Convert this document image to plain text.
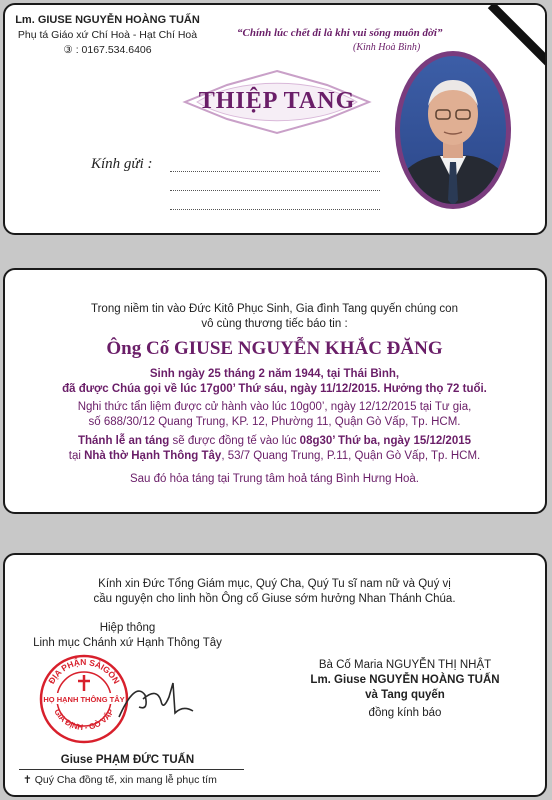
Lm. GIUSE NGUYỄN HOÀNG TUẤN
Phụ tá Giáo xứ Chí Hoà - Hạt Chí Hoà
③ : 0167.534.6406
“Chính lúc chết đi là khi vui sống muôn đời”
(Kinh Hoà Bình)
THIỆP TANG
Kính gửi :
Trong niềm tin vào Đức Kitô Phục Sinh, Gia đình Tang quyến chúng con
vô cùng thương tiếc báo tin :
Ông Cố GIUSE NGUYỄN KHẮC ĐĂNG
Sinh ngày 25 tháng 2 năm 1944, tại Thái Bình,
đã được Chúa gọi về lúc 17g00’ Thứ sáu, ngày 11/12/2015. Hưởng thọ 72 tuổi.
Nghi thức tẩn liệm được cử hành vào lúc 10g00’, ngày 12/12/2015 tại Tư gia,
số 688/30/12 Quang Trung, KP. 12, Phường 11, Quận Gò Vấp, Tp. HCM.
Thánh lễ an táng sẽ được đồng tế vào lúc 08g30’ Thứ ba, ngày 15/12/2015
tại Nhà thờ Hạnh Thông Tây, 53/7 Quang Trung, P.11, Quận Gò Vấp, Tp. HCM.
Sau đó hỏa táng tại Trung tâm hoả táng Bình Hưng Hoà.
Kính xin Đức Tổng Giám mục, Quý Cha, Quý Tu sĩ nam nữ và Quý vị
cầu nguyện cho linh hồn Ông cố Giuse sớm hưởng Nhan Thánh Chúa.
Hiệp thông
Linh mục Chánh xứ Hạnh Thông Tây
ĐỊA PHẬN SÀIGÒN
GIA ĐỊNH - GÒ VẤP
HỌ HẠNH THÔNG TÂY
Giuse PHẠM ĐỨC TUẤN
✝ Quý Cha đồng tế, xin mang lễ phục tím
Bà Cố Maria NGUYỄN THỊ NHẬT
Lm. Giuse NGUYỄN HOÀNG TUẤN
và Tang quyến
đồng kính báo
